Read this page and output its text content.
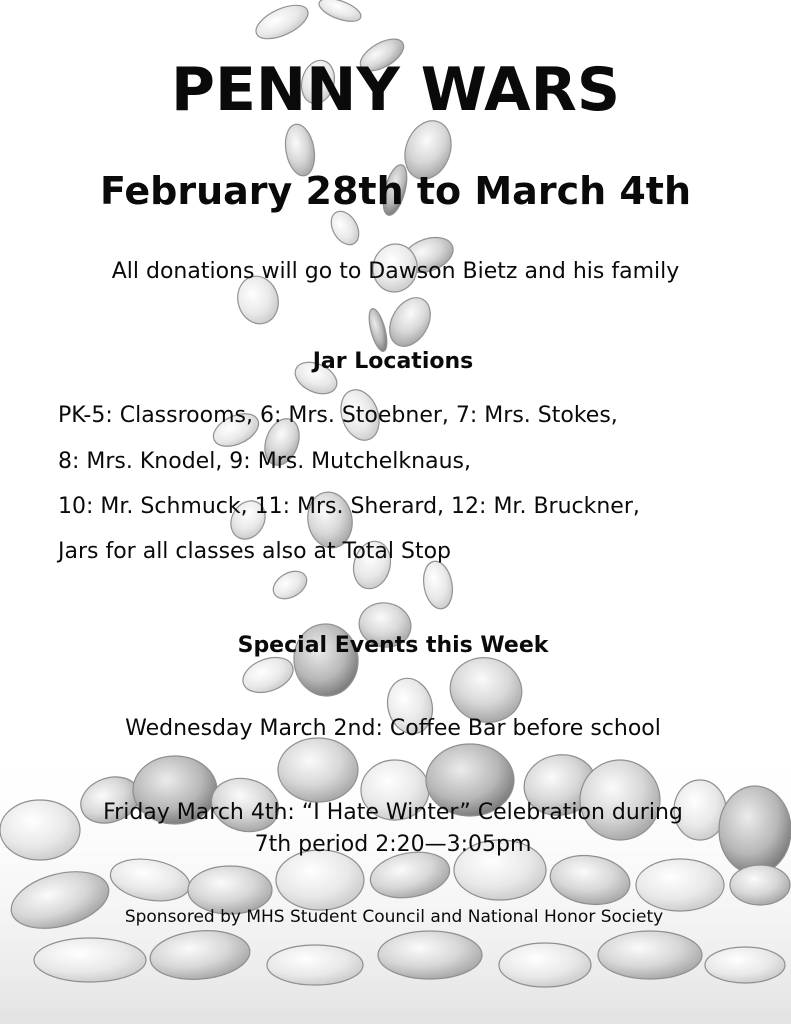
PENNY WARS
February 28th to March 4th
All donations will go to Dawson Bietz and his family
Jar Locations
PK-5: Classrooms, 6: Mrs. Stoebner, 7: Mrs. Stokes,
8: Mrs. Knodel, 9: Mrs. Mutchelknaus,
10: Mr. Schmuck, 11: Mrs. Sherard, 12: Mr. Bruckner,
Jars for all classes also at Total Stop
Special Events this Week
Wednesday March 2nd: Coffee Bar before school
Friday March 4th: “I Hate Winter” Celebration during
7th period 2:20—3:05pm
Sponsored by MHS Student Council and National Honor Society
